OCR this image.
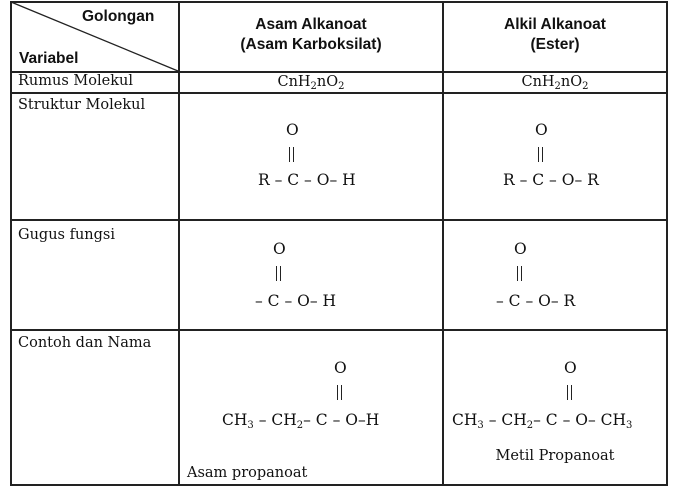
Golongan
Variabel
Asam Alkanoat
(Asam Karboksilat)
Alkil Alkanoat
(Ester)
Rumus Molekul	$CnH_2nO_2$	$CnH_2nO_2$
Struktur Molekul
O
R – C – O– H
O
R – C – O– R
Gugus fungsi
O
– C – O– H
O
– C – O– R
Contoh dan Nama
O
$CH_3 - CH_2-$ C – O–H
Asam propanoat
O
$CH_3 - CH_2-$ C – O– $CH_3$
Metil Propanoat
